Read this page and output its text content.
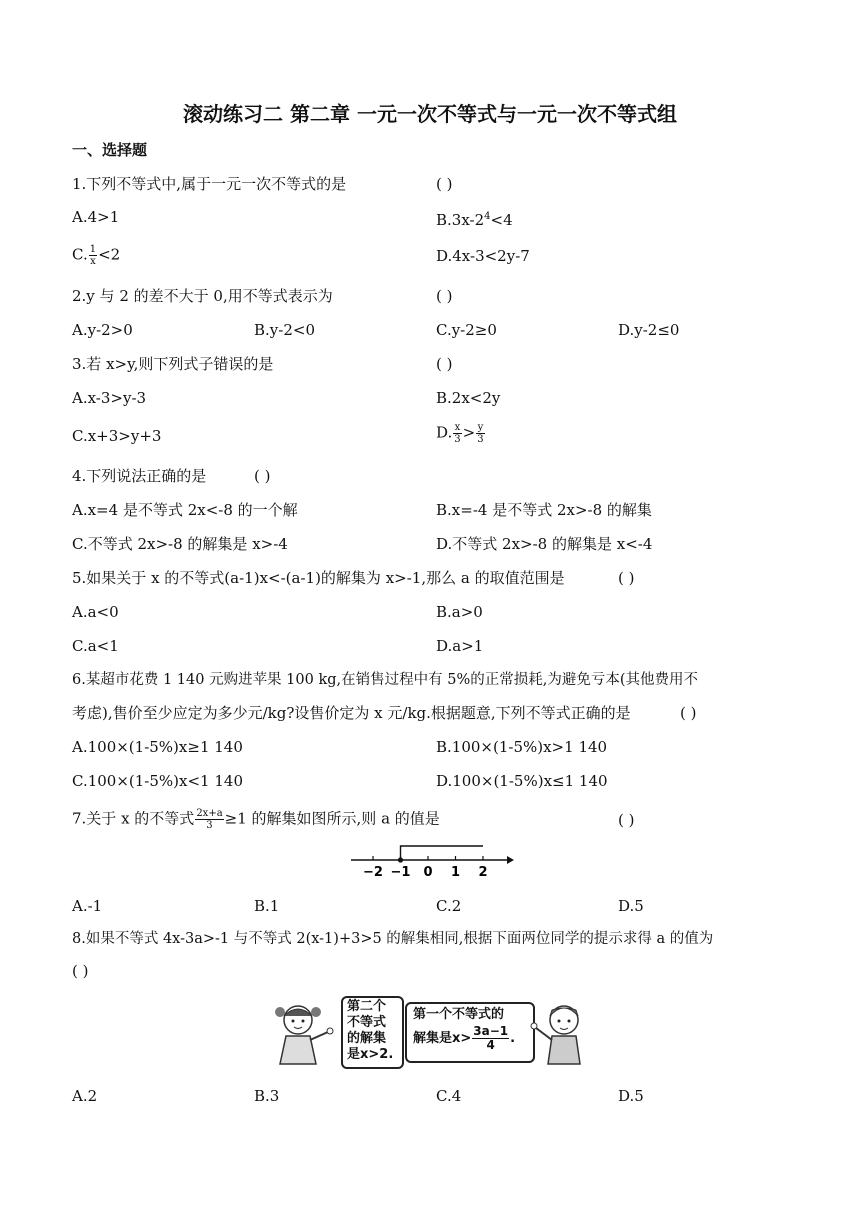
滚动练习二 第二章 一元一次不等式与一元一次不等式组
一、选择题
1.下列不等式中,属于一元一次不等式的是	( )
A.4>1	$B.3x-2^4<4$
C. $\frac{1}{x} <2$	D.4x-3<2y-7
2.y 与 2 的差不大于 0,用不等式表示为	( )
A.y-2>0	B.y-2<0	C.y-2≥0	D.y-2≤0
3.若 x>y,则下列式子错误的是	( )
A.x-3>y-3	B.2x<2y
C.x+3>y+3	D. $\frac{x}{3} > \frac{y}{3}$
4.下列说法正确的是	( )
A.x=4 是不等式 2x<-8 的一个解	B.x=-4 是不等式 2x>-8 的解集
C.不等式 2x>-8 的解集是 x>-4	D.不等式 2x>-8 的解集是 x<-4
5.如果关于 x 的不等式(a-1)x<-(a-1)的解集为 x>-1,那么 a 的取值范围是	( )
A.a<0	B.a>0
C.a<1	D.a>1
6.某超市花费 1 140 元购进苹果 100 kg,在销售过程中有 5%的正常损耗,为避免亏本(其他费用不
考虑),售价至少应定为多少元/kg?设售价定为 x 元/kg.根据题意,下列不等式正确的是	( )
A.100×(1-5%)x≥1 140	B.100×(1-5%)x>1 140
C.100×(1-5%)x<1 140	D.100×(1-5%)x≤1 140
7.关于 x 的不等式 $\frac{2x+a}{3} \ge 1$ 的解集如图所示,则 a 的值是	( )
−2 −1 0 1 2
A.-1	B.1	C.2	D.5
8.如果不等式 4x-3a>-1 与不等式 2(x-1)+3>5 的解集相同,根据下面两位同学的提示求得 a 的值为
( )
第二个
不等式
的解集
是x>2.
第一个不等式的
解集是$x> \frac{3a-1}{4}$ .
A.2	B.3	C.4	D.5
